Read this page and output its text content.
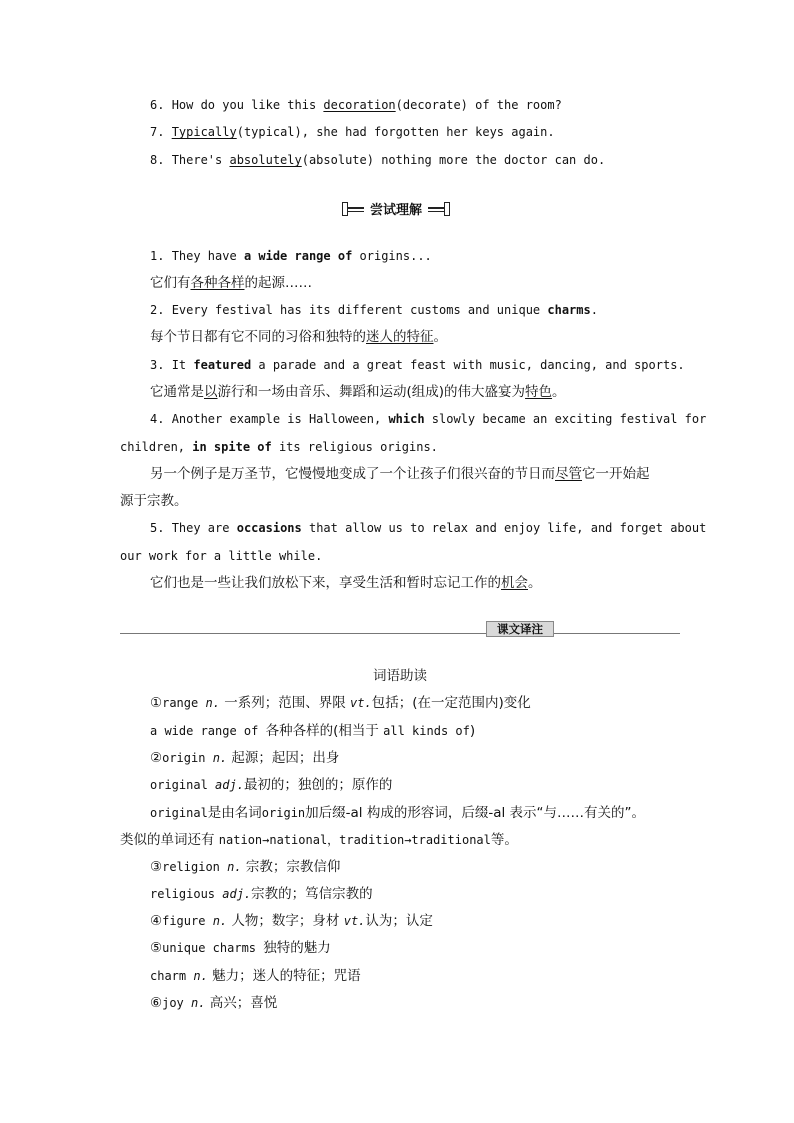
6. How do you like this decoration(decorate) of the room?
7. Typically(typical), she had forgotten her keys again.
8. There's absolutely(absolute) nothing more the doctor can do.
尝试理解
1. They have a wide range of origins...
它们有各种各样的起源……
2. Every festival has its different customs and unique charms.
每个节日都有它不同的习俗和独特的迷人的特征。
3. It featured a parade and a great feast with music, dancing, and sports.
它通常是以游行和一场由音乐、舞蹈和运动(组成)的伟大盛宴为特色。
4. Another example is Halloween, which slowly became an exciting festival for
children, in spite of its religious origins.
另一个例子是万圣节，它慢慢地变成了一个让孩子们很兴奋的节日而尽管它一开始起
源于宗教。
5. They are occasions that allow us to relax and enjoy life, and forget about
our work for a little while.
它们也是一些让我们放松下来，享受生活和暂时忘记工作的机会。
课文译注
词语助读
①range n. 一系列；范围、界限 vt.包括；(在一定范围内)变化
a wide range of 各种各样的(相当于 all kinds of)
②origin n. 起源；起因；出身
original adj.最初的；独创的；原作的
original是由名词origin加后缀-al 构成的形容词，后缀-al 表示“与……有关的”。
类似的单词还有 nation→national，tradition→traditional等。
③religion n. 宗教；宗教信仰
religious adj.宗教的；笃信宗教的
④figure n. 人物；数字；身材 vt.认为；认定
⑤unique charms 独特的魅力
charm n. 魅力；迷人的特征；咒语
⑥joy n. 高兴；喜悦
